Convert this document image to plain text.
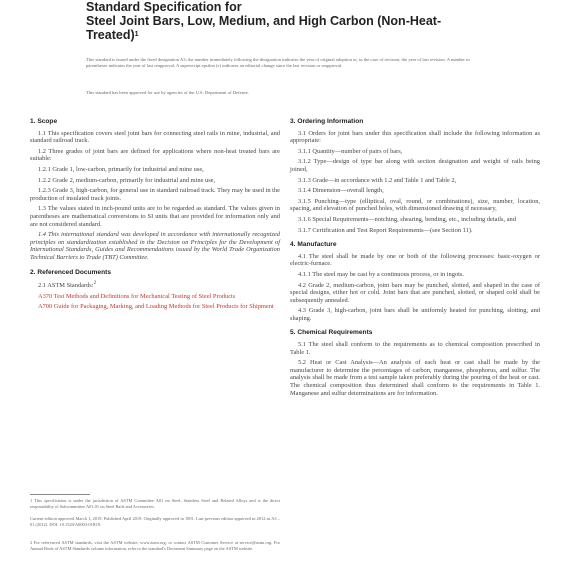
Standard Specification for
Steel Joint Bars, Low, Medium, and High Carbon (Non-Heat-
Treated)$^1$
This standard is issued under the fixed designation A3; the number immediately following the designation indicates the year of original adoption or, in the case of revision, the year of last revision. A number in parentheses indicates the year of last reapproval. A superscript epsilon (ε) indicates an editorial change since the last revision or reapproval.
This standard has been approved for use by agencies of the U.S. Department of Defense.
1. Scope

1.1 This specification covers steel joint bars for connecting steel rails in mine, industrial, and standard railroad track.

1.2 Three grades of joint bars are defined for applications where non-heat treated bars are suitable:

1.2.1 Grade 1, low-carbon, primarily for industrial and mine use,

1.2.2 Grade 2, medium-carbon, primarily for industrial and mine use,

1.2.3 Grade 3, high-carbon, for general use in standard railroad track. They may be used in the production of insulated track joints.

1.3 The values stated in inch-pound units are to be regarded as standard. The values given in parentheses are mathematical conversions to SI units that are provided for information only and are not considered standard.

1.4 This international standard was developed in accordance with internationally recognized principles on standardization established in the Decision on Principles for the Development of International Standards, Guides and Recommendations issued by the World Trade Organization Technical Barriers to Trade (TBT) Committee.

2. Referenced Documents

2.1 ASTM Standards:$^2$

A370 Test Methods and Definitions for Mechanical Testing of Steel Products

A700 Guide for Packaging, Marking, and Loading Methods for Steel Products for Shipment

1 This specification is under the jurisdiction of ASTM Committee A01 on Steel, Stainless Steel and Related Alloys and is the direct responsibility of Subcommittee A01.01 on Steel Rails and Accessories.
Current edition approved March 1, 2019. Published April 2019. Originally approved in 1901. Last previous edition approved in 2012 as A3 – 01 (2012). DOI: 10.1520/A0003-01R19.
2 For referenced ASTM standards, visit the ASTM website, www.astm.org, or contact ASTM Customer Service at service@astm.org. For Annual Book of ASTM Standards volume information, refer to the standard's Document Summary page on the ASTM website.
3. Ordering Information

3.1 Orders for joint bars under this specification shall include the following information as appropriate:

3.1.1 Quantity—number of pairs of bars,

3.1.2 Type—design of type bar along with section designation and weight of rails being joined,

3.1.3 Grade—in accordance with 1.2 and Table 1 and Table 2,

3.1.4 Dimension—overall length,

3.1.5 Punching—type (elliptical, oval, round, or combinations), size, number, location, spacing, and elevation of punched holes, with dimensioned drawing if necessary,

3.1.6 Special Requirements—notching, shearing, bending, etc., including details, and

3.1.7 Certification and Test Report Requirements—(see Section 11).

4. Manufacture

4.1 The steel shall be made by one or both of the following processes: basic-oxygen or electric-furnace.

4.1.1 The steel may be cast by a continuous process, or in ingots.

4.2 Grade 2, medium-carbon, joint bars may be punched, slotted, and shaped in the case of special designs, either hot or cold. Joint bars that are punched, slotted, or shaped cold shall be subsequently annealed.

4.3 Grade 3, high-carbon, joint bars shall be uniformly heated for punching, slotting, and shaping.

5. Chemical Requirements

5.1 The steel shall conform to the requirements as to chemical composition prescribed in Table 1.

5.2 Heat or Cast Analysis—An analysis of each heat or cast shall be made by the manufacturer to determine the percentages of carbon, manganese, phosphorus, and sulfur. The analysis shall be made from a test sample taken preferably during the pouring of the heat or cast. The chemical composition thus determined shall conform to the requirements in Table 1. Manganese and sulfur determinations are for information.
